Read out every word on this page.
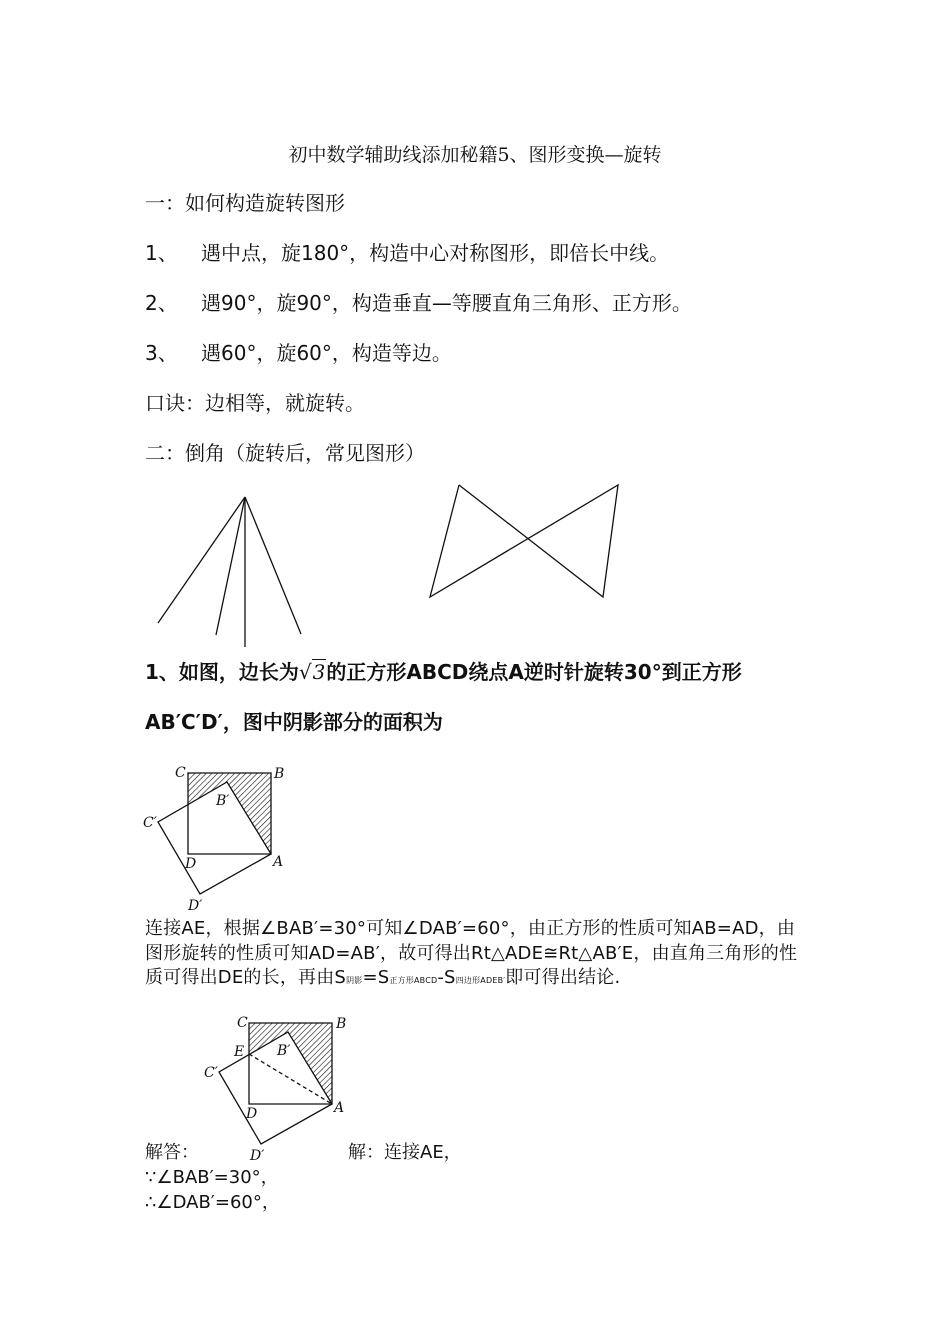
初中数学辅助线添加秘籍5、图形变换—旋转
一：如何构造旋转图形
1、 遇中点，旋180°，构造中心对称图形，即倍长中线。
2、 遇90°，旋90°，构造垂直—等腰直角三角形、正方形。
3、 遇60°，旋60°，构造等边。
口诀：边相等，就旋转。
二：倒角（旋转后，常见图形）
1、如图，边长为√3的正方形ABCD绕点A逆时针旋转30°到正方形
AB′C′D′，图中阴影部分的面积为
C	B
B′
C′
D	A
D′
连接AE，根据∠BAB′=30°可知∠DAB′=60°，由正方形的性质可知AB=AD，由图形旋转的性质可知AD=AB′，故可得出Rt△ADE≅Rt△AB′E，由直角三角形的性质可得出DE的长，再由S阴影=S正方形ABCD-S四边形ADEB′即可得出结论.
C	B
E B′
C′
D	A
D′
解答：	解：连接AE，
∵∠BAB′=30°，
∴∠DAB′=60°，
